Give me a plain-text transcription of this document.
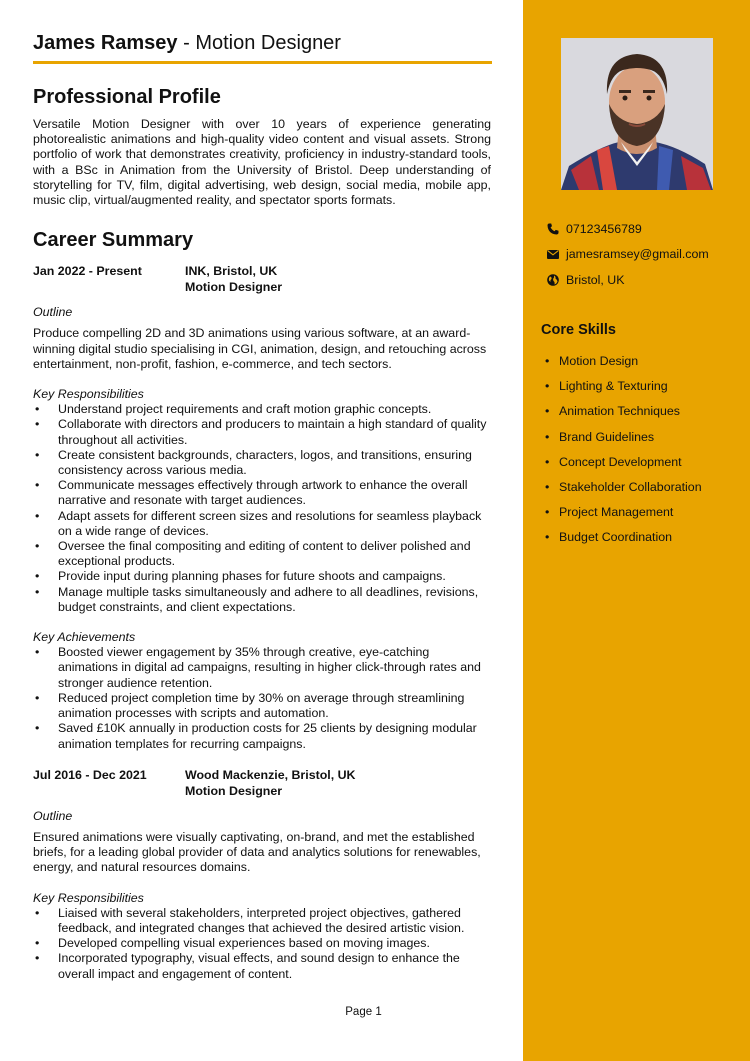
James Ramsey - Motion Designer
Professional Profile

Versatile Motion Designer with over 10 years of experience generating photorealistic animations and high-quality video content and visual assets. Strong portfolio of work that demonstrates creativity, proficiency in industry-standard tools, with a BSc in Animation from the University of Bristol. Deep understanding of storytelling for TV, film, digital advertising, web design, social media, mobile app, music clip, virtual/augmented reality, and spectator sports formats.

Career Summary
Jan 2022 - Present	INK, Bristol, UK
Motion Designer
Outline

Produce compelling 2D and 3D animations using various software, at an award-winning digital studio specialising in CGI, animation, design, and retouching across entertainment, non-profit, fashion, e-commerce, and tech sectors.

Key Responsibilities
• Understand project requirements and craft motion graphic concepts.
• Collaborate with directors and producers to maintain a high standard of quality throughout all activities.
• Create consistent backgrounds, characters, logos, and transitions, ensuring consistency across various media.
• Communicate messages effectively through artwork to enhance the overall narrative and resonate with target audiences.
• Adapt assets for different screen sizes and resolutions for seamless playback on a wide range of devices.
• Oversee the final compositing and editing of content to deliver polished and exceptional products.
• Provide input during planning phases for future shoots and campaigns.
• Manage multiple tasks simultaneously and adhere to all deadlines, revisions, budget constraints, and client expectations.
Key Achievements
• Boosted viewer engagement by 35% through creative, eye-catching animations in digital ad campaigns, resulting in higher click-through rates and stronger audience retention.
• Reduced project completion time by 30% on average through streamlining animation processes with scripts and automation.
• Saved £10K annually in production costs for 25 clients by designing modular animation templates for recurring campaigns.
Jul 2016 - Dec 2021	Wood Mackenzie, Bristol, UK
Motion Designer
Outline

Ensured animations were visually captivating, on-brand, and met the established briefs, for a leading global provider of data and analytics solutions for renewables, energy, and natural resources domains.

Key Responsibilities
• Liaised with several stakeholders, interpreted project objectives, gathered feedback, and integrated changes that achieved the desired artistic vision.
• Developed compelling visual experiences based on moving images.
• Incorporated typography, visual effects, and sound design to enhance the overall impact and engagement of content.
Page 1
07123456789
jamesramsey@gmail.com
Bristol, UK
Core Skills
• Motion Design
• Lighting & Texturing
• Animation Techniques
• Brand Guidelines
• Concept Development
• Stakeholder Collaboration
• Project Management
• Budget Coordination
